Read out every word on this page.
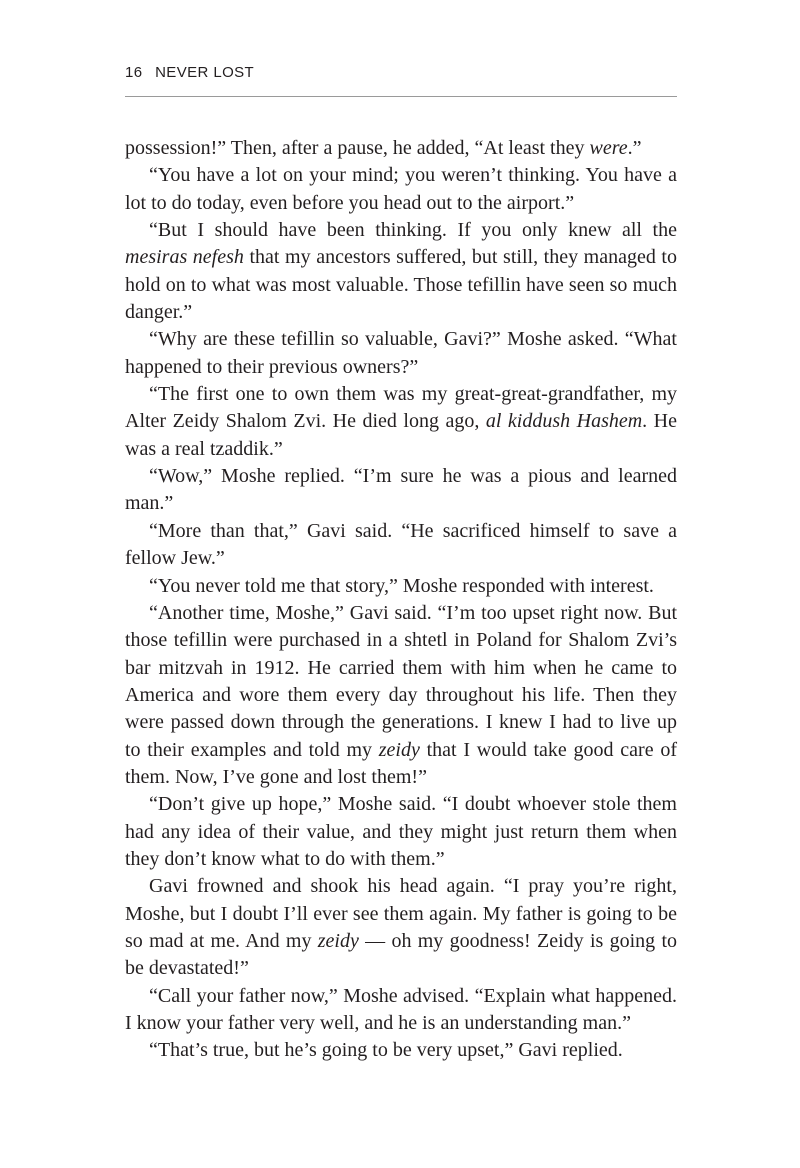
16 NEVER LOST

possession!” Then, after a pause, he added, “At least they were.”

“You have a lot on your mind; you weren’t thinking. You have a lot to do today, even before you head out to the airport.”

“But I should have been thinking. If you only knew all the mesiras nefesh that my ancestors suffered, but still, they managed to hold on to what was most valuable. Those tefillin have seen so much danger.”

“Why are these tefillin so valuable, Gavi?” Moshe asked. “What happened to their previous owners?”

“The first one to own them was my great-great-grandfather, my Alter Zeidy Shalom Zvi. He died long ago, al kiddush Hashem. He was a real tzaddik.”

“Wow,” Moshe replied. “I’m sure he was a pious and learned man.”

“More than that,” Gavi said. “He sacrificed himself to save a fellow Jew.”

“You never told me that story,” Moshe responded with interest.

“Another time, Moshe,” Gavi said. “I’m too upset right now. But those tefillin were purchased in a shtetl in Poland for Shalom Zvi’s bar mitzvah in 1912. He carried them with him when he came to America and wore them every day throughout his life. Then they were passed down through the generations. I knew I had to live up to their examples and told my zeidy that I would take good care of them. Now, I’ve gone and lost them!”

“Don’t give up hope,” Moshe said. “I doubt whoever stole them had any idea of their value, and they might just return them when they don’t know what to do with them.”

Gavi frowned and shook his head again. “I pray you’re right, Moshe, but I doubt I’ll ever see them again. My father is going to be so mad at me. And my zeidy — oh my goodness! Zeidy is going to be devastated!”

“Call your father now,” Moshe advised. “Explain what happened. I know your father very well, and he is an understanding man.”

“That’s true, but he’s going to be very upset,” Gavi replied.
